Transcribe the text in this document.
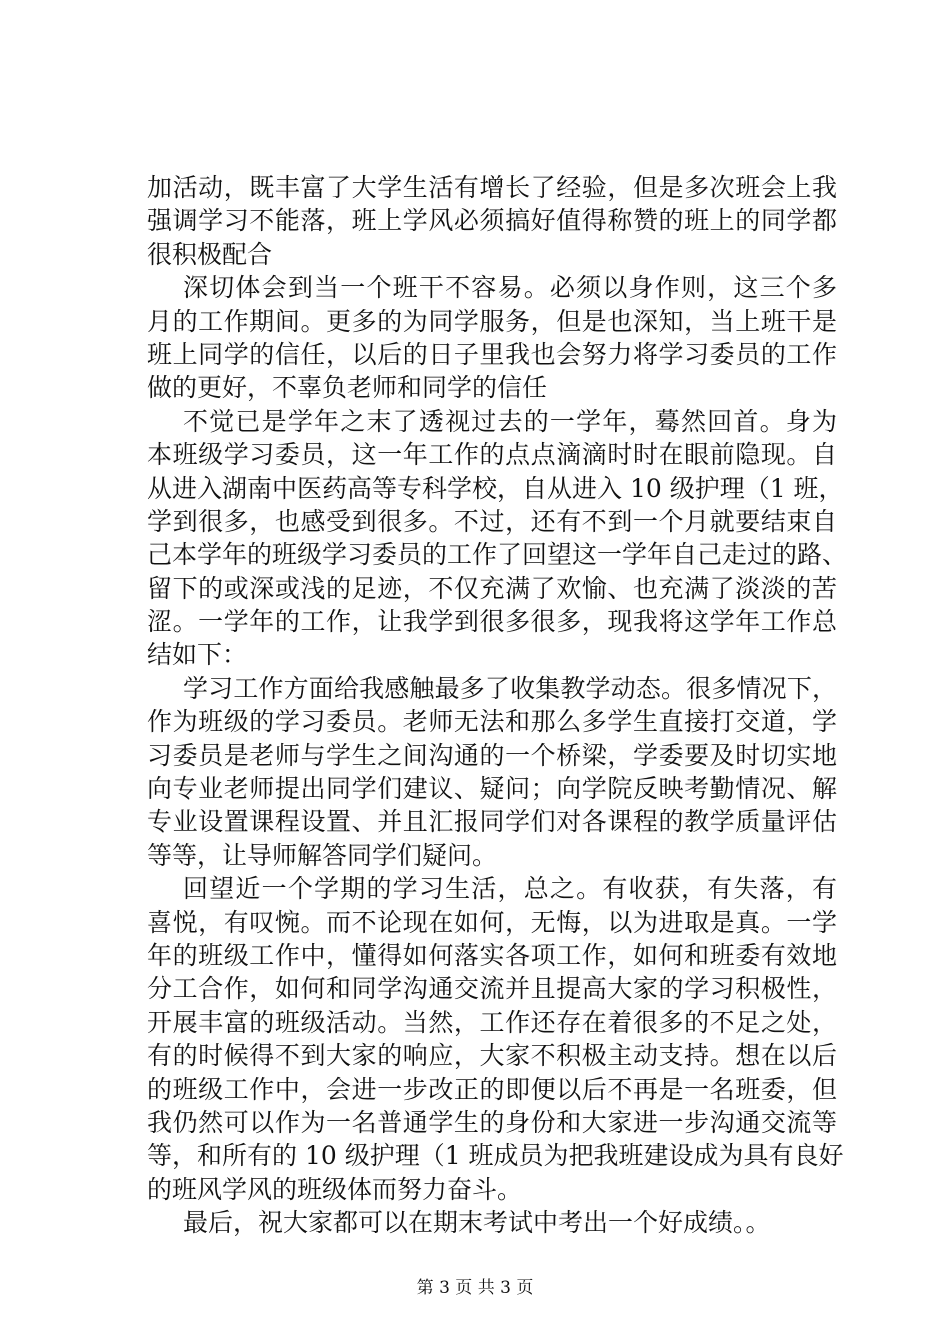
加活动，既丰富了大学生活有增长了经验，但是多次班会上我
强调学习不能落，班上学风必须搞好值得称赞的班上的同学都
很积极配合
深切体会到当一个班干不容易。必须以身作则，这三个多
月的工作期间。更多的为同学服务，但是也深知，当上班干是
班上同学的信任，以后的日子里我也会努力将学习委员的工作
做的更好，不辜负老师和同学的信任
不觉已是学年之末了透视过去的一学年，蓦然回首。身为
本班级学习委员，这一年工作的点点滴滴时时在眼前隐现。自
从进入湖南中医药高等专科学校，自从进入 10 级护理（1 班，
学到很多，也感受到很多。不过，还有不到一个月就要结束自
己本学年的班级学习委员的工作了回望这一学年自己走过的路、
留下的或深或浅的足迹，不仅充满了欢愉、也充满了淡淡的苦
涩。一学年的工作，让我学到很多很多，现我将这学年工作总
结如下：
学习工作方面给我感触最多了收集教学动态。很多情况下，
作为班级的学习委员。老师无法和那么多学生直接打交道，学
习委员是老师与学生之间沟通的一个桥梁，学委要及时切实地
向专业老师提出同学们建议、疑问；向学院反映考勤情况、解
专业设置课程设置、并且汇报同学们对各课程的教学质量评估
等等，让导师解答同学们疑问。
回望近一个学期的学习生活，总之。有收获，有失落，有
喜悦，有叹惋。而不论现在如何，无悔，以为进取是真。一学
年的班级工作中，懂得如何落实各项工作，如何和班委有效地
分工合作，如何和同学沟通交流并且提高大家的学习积极性，
开展丰富的班级活动。当然，工作还存在着很多的不足之处，
有的时候得不到大家的响应，大家不积极主动支持。想在以后
的班级工作中，会进一步改正的即便以后不再是一名班委，但
我仍然可以作为一名普通学生的身份和大家进一步沟通交流等
等，和所有的 10 级护理（1 班成员为把我班建设成为具有良好
的班风学风的班级体而努力奋斗。
最后，祝大家都可以在期末考试中考出一个好成绩。。
第 3 页 共 3 页
